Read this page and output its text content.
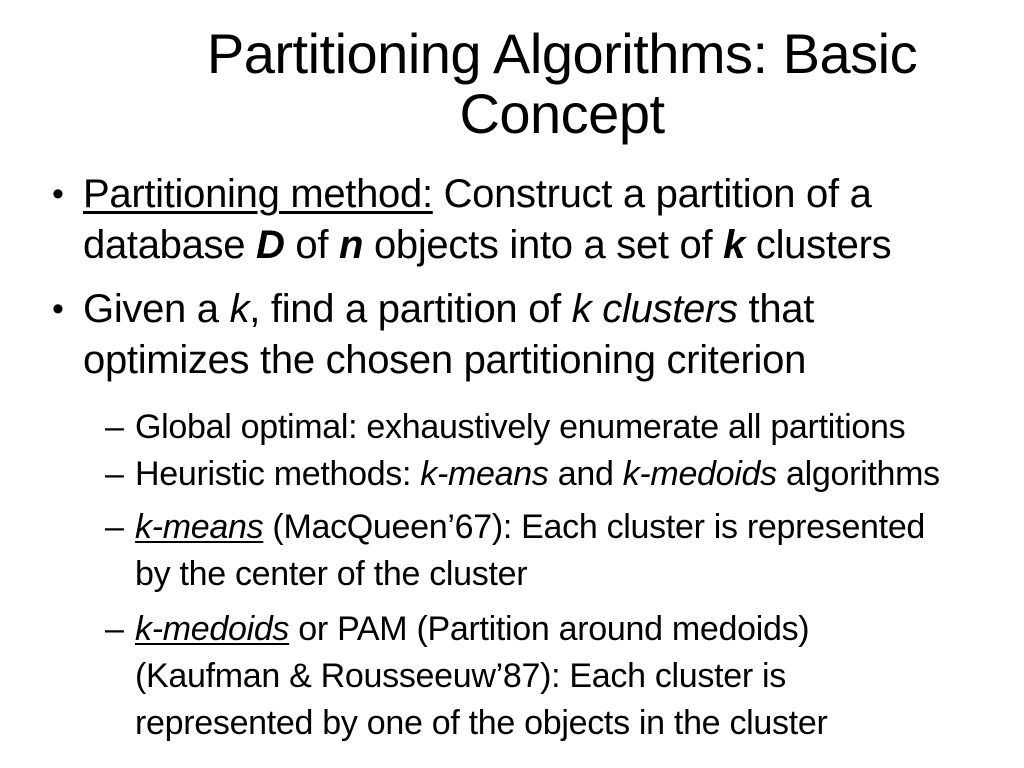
Partitioning Algorithms: Basic
Concept
• Partitioning method: Construct a partition of a
database D of n objects into a set of k clusters
• Given a k, find a partition of k clusters that
optimizes the chosen partitioning criterion
– Global optimal: exhaustively enumerate all partitions
– Heuristic methods: k-means and k-medoids algorithms
– k-means (MacQueen’67): Each cluster is represented
by the center of the cluster
– k-medoids or PAM (Partition around medoids)
(Kaufman & Rousseeuw’87): Each cluster is
represented by one of the objects in the cluster
